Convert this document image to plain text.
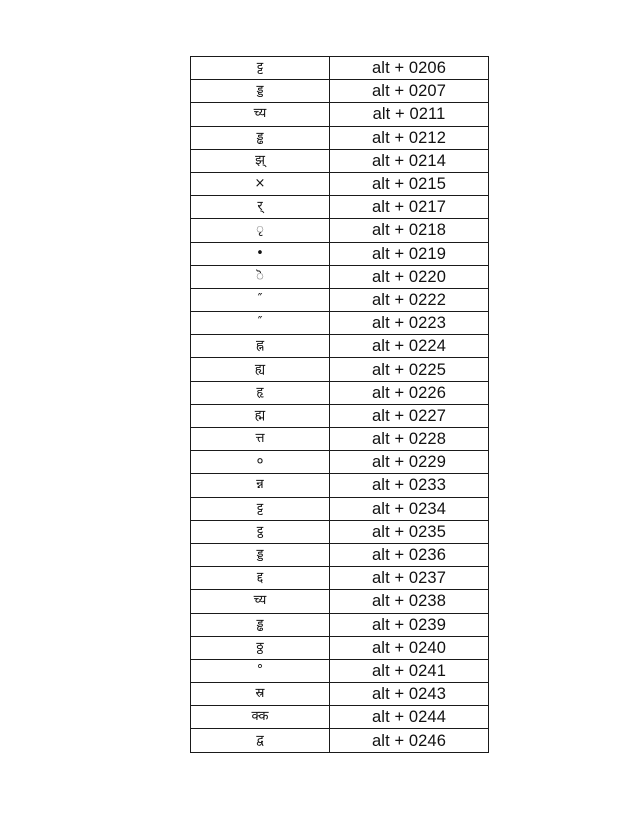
ट्ट	alt + 0206
ड्ड	alt + 0207
च्य	alt + 0211
ड्ढ	alt + 0212
झ्	alt + 0214
×	alt + 0215
र्	alt + 0217
ृ	alt + 0218
•	alt + 0219
ॆ	alt + 0220
″	alt + 0222
″	alt + 0223
ह्न	alt + 0224
ह्य	alt + 0225
हृ	alt + 0226
ह्म	alt + 0227
त्त	alt + 0228
०	alt + 0229
न्न	alt + 0233
ट्ट	alt + 0234
ट्ठ	alt + 0235
ड्ड	alt + 0236
द्द	alt + 0237
च्य	alt + 0238
ड्ढ	alt + 0239
ठ्ठ	alt + 0240
°	alt + 0241
स्र	alt + 0243
क्क	alt + 0244
द्व	alt + 0246
